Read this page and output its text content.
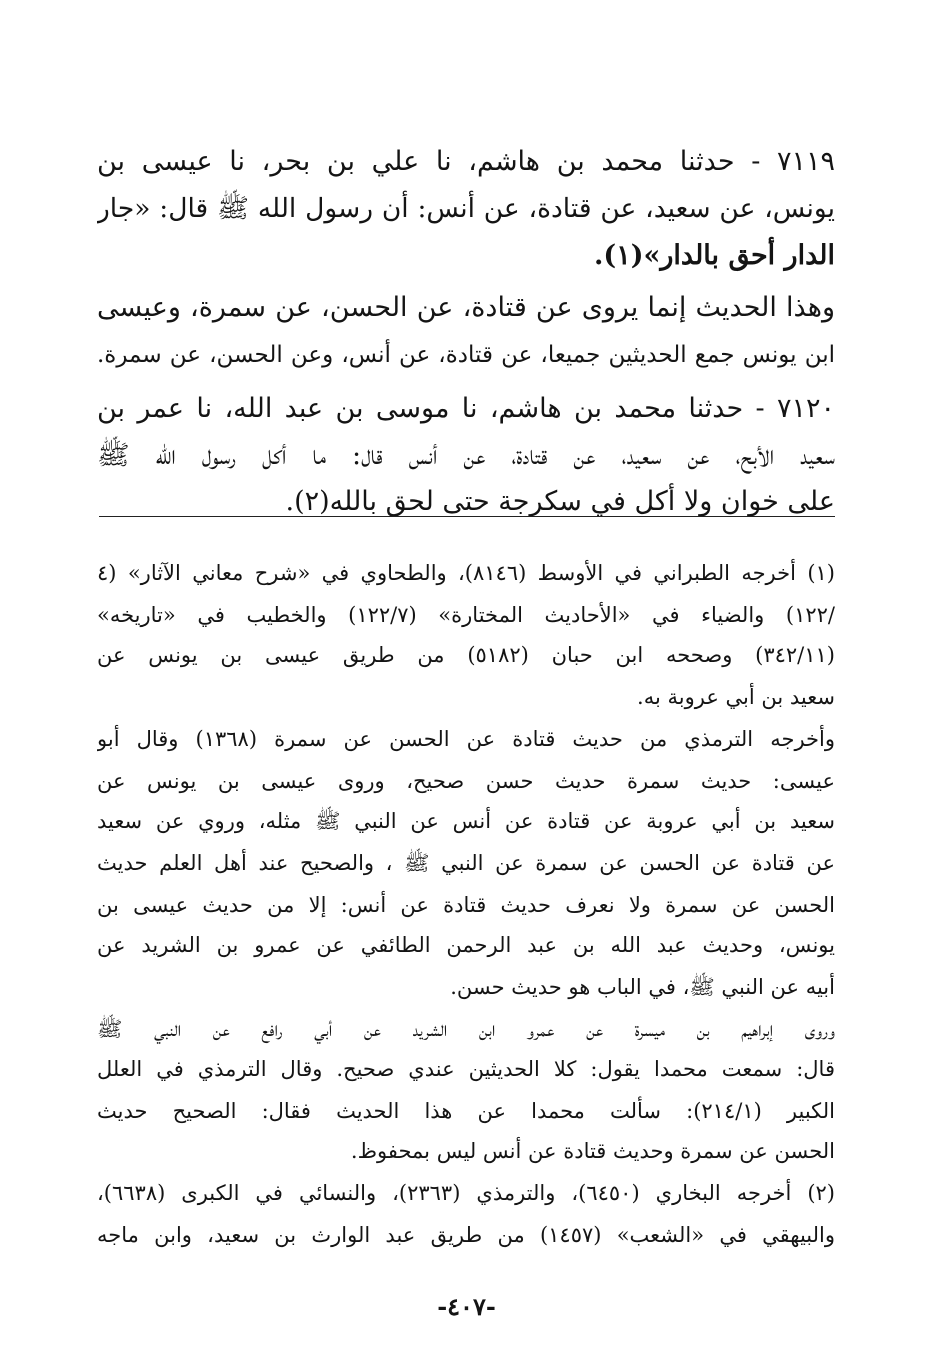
٧١١٩ - حدثنا محمد بن هاشم، نا علي بن بحر، نا عيسى بن
يونس، عن سعيد، عن قتادة، عن أنس: أن رسول الله ﷺ قال: «جار
الدار أحق بالدار»(١).
وهذا الحديث إنما يروى عن قتادة، عن الحسن، عن سمرة، وعيسى
ابن يونس جمع الحديثين جميعا، عن قتادة، عن أنس، وعن الحسن، عن سمرة.
٧١٢٠ - حدثنا محمد بن هاشم، نا موسى بن عبد الله، نا عمر بن
سعيد الأبح، عن سعيد، عن قتادة، عن أنس قال: ما أكل رسول الله ﷺ
على خوان ولا أكل في سكرجة حتى لحق بالله(٢).
(١) أخرجه الطبراني في الأوسط (٨١٤٦)، والطحاوي في «شرح معاني الآثار» (٤
/١٢٢) والضياء في «الأحاديث المختارة» (١٢٢/٧) والخطيب في «تاريخه»
(٣٤٢/١١) وصححه ابن حبان (٥١٨٢) من طريق عيسى بن يونس عن
سعيد بن أبي عروبة به.
وأخرجه الترمذي من حديث قتادة عن الحسن عن سمرة (١٣٦٨) وقال أبو
عيسى: حديث سمرة حديث حسن صحيح، وروى عيسى بن يونس عن
سعيد بن أبي عروبة عن قتادة عن أنس عن النبي ﷺ مثله، وروي عن سعيد
عن قتادة عن الحسن عن سمرة عن النبي ﷺ ، والصحيح عند أهل العلم حديث
الحسن عن سمرة ولا نعرف حديث قتادة عن أنس: إلا من حديث عيسى بن
يونس، وحديث عبد الله بن عبد الرحمن الطائفي عن عمرو بن الشريد عن
أبيه عن النبي ﷺ، في الباب هو حديث حسن.
وروى إبراهيم بن ميسرة عن عمرو ابن الشريد عن أبي رافع عن النبي ﷺ
قال: سمعت محمدا يقول: كلا الحديثين عندي صحيح. وقال الترمذي في العلل
الكبير (٢١٤/١): سألت محمدا عن هذا الحديث فقال: الصحيح حديث
الحسن عن سمرة وحديث قتادة عن أنس ليس بمحفوظ.
(٢) أخرجه البخاري (٦٤٥٠)، والترمذي (٢٣٦٣)، والنسائي في الكبرى (٦٦٣٨)،
والبيهقي في «الشعب» (١٤٥٧) من طريق عبد الوارث بن سعيد، وابن ماجه
-٤٠٧-
